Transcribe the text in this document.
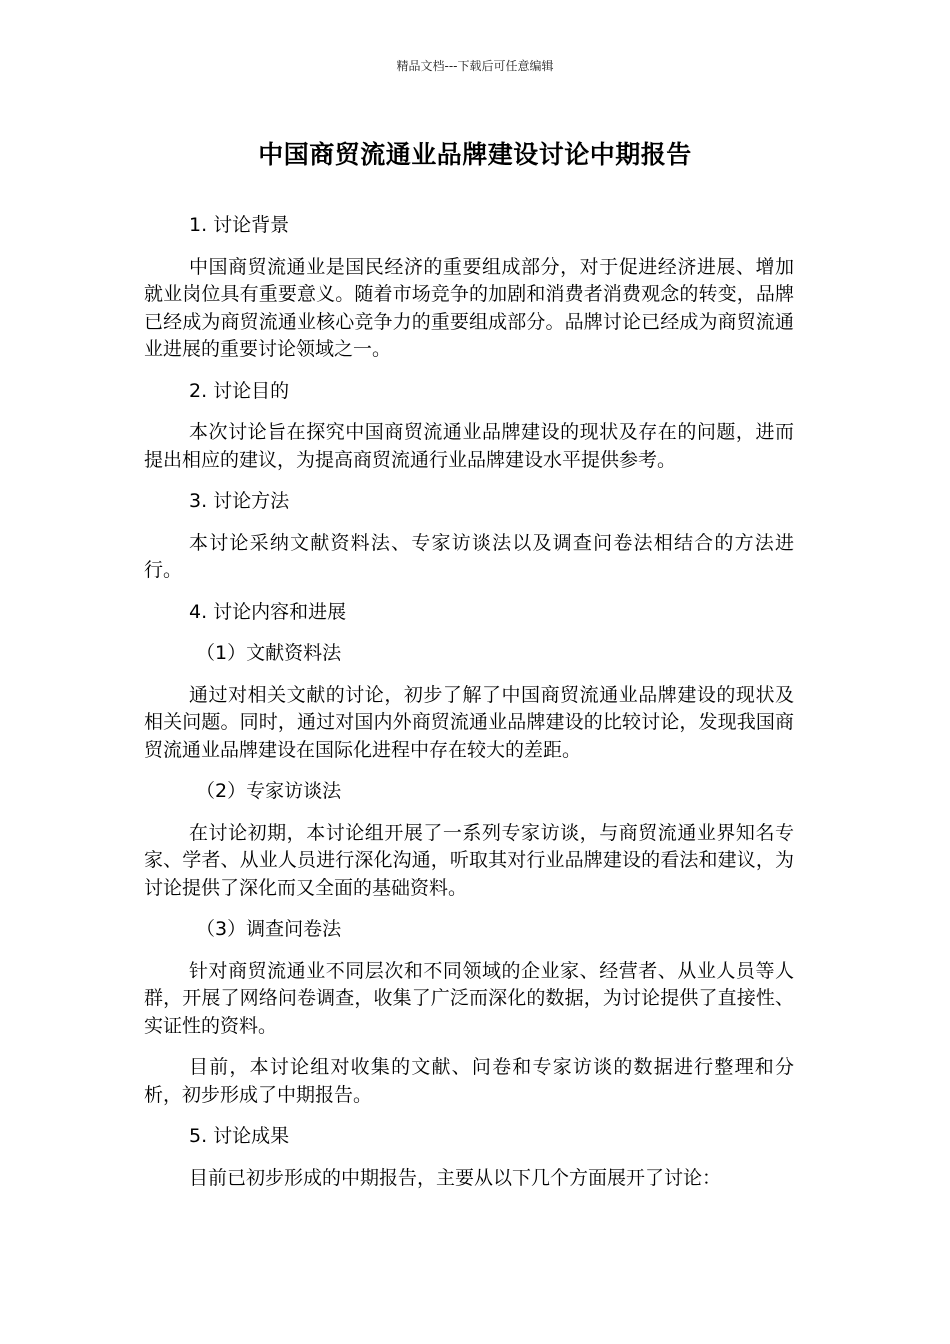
精品文档---下载后可任意编辑
中国商贸流通业品牌建设讨论中期报告

1. 讨论背景

中国商贸流通业是国民经济的重要组成部分，对于促进经济进展、增加就业岗位具有重要意义。随着市场竞争的加剧和消费者消费观念的转变，品牌已经成为商贸流通业核心竞争力的重要组成部分。品牌讨论已经成为商贸流通业进展的重要讨论领域之一。

2. 讨论目的

本次讨论旨在探究中国商贸流通业品牌建设的现状及存在的问题，进而提出相应的建议，为提高商贸流通行业品牌建设水平提供参考。

3. 讨论方法

本讨论采纳文献资料法、专家访谈法以及调查问卷法相结合的方法进行。

4. 讨论内容和进展

（1）文献资料法

通过对相关文献的讨论，初步了解了中国商贸流通业品牌建设的现状及相关问题。同时，通过对国内外商贸流通业品牌建设的比较讨论，发现我国商贸流通业品牌建设在国际化进程中存在较大的差距。

（2）专家访谈法

在讨论初期，本讨论组开展了一系列专家访谈，与商贸流通业界知名专家、学者、从业人员进行深化沟通，听取其对行业品牌建设的看法和建议，为讨论提供了深化而又全面的基础资料。

（3）调查问卷法

针对商贸流通业不同层次和不同领域的企业家、经营者、从业人员等人群，开展了网络问卷调查，收集了广泛而深化的数据，为讨论提供了直接性、实证性的资料。

目前，本讨论组对收集的文献、问卷和专家访谈的数据进行整理和分析，初步形成了中期报告。

5. 讨论成果

目前已初步形成的中期报告，主要从以下几个方面展开了讨论：
